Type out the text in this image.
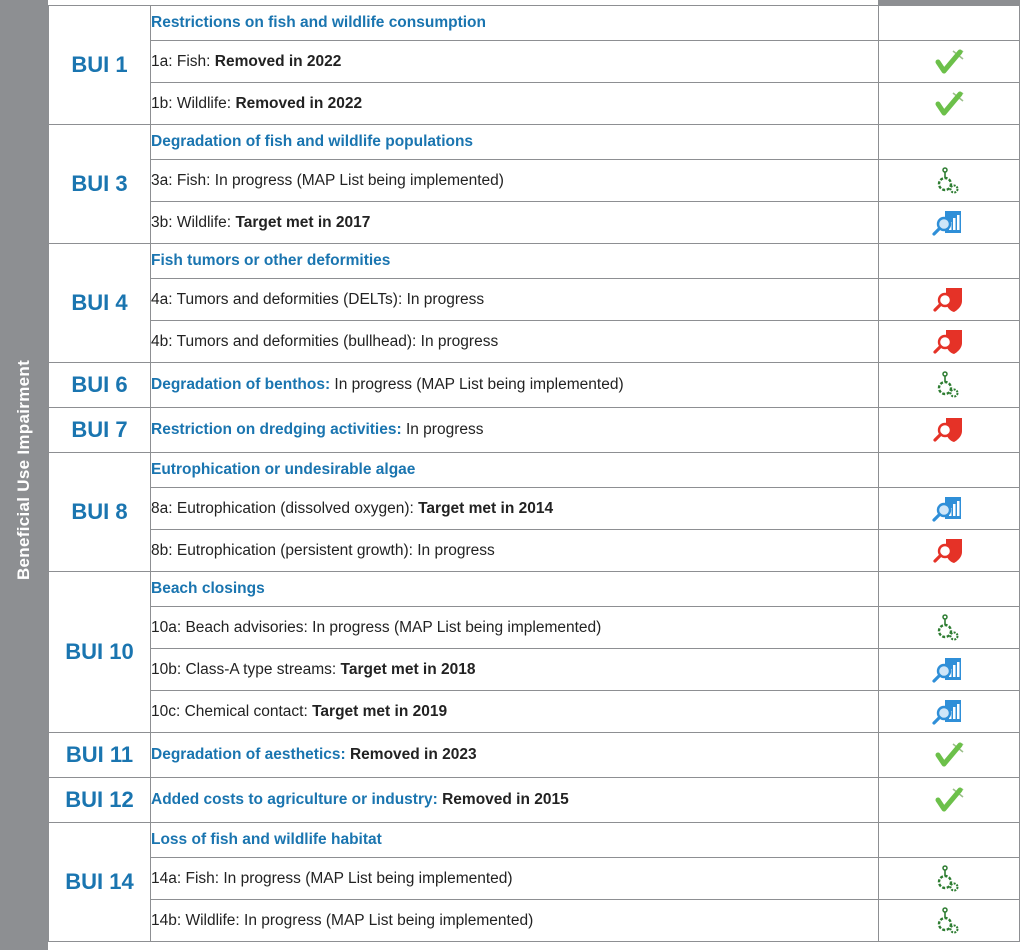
Beneficial Use Impairment
BUI 1	Restrictions on fish and wildlife consumption	
	1a: Fish: Removed in 2022	

	1b: Wildlife: Removed in 2022	

BUI 3	Degradation of fish and wildlife populations	
	3a: Fish: In progress (MAP List being implemented)	

	3b: Wildlife: Target met in 2017	

BUI 4	Fish tumors or other deformities	
	4a: Tumors and deformities (DELTs): In progress	

	4b: Tumors and deformities (bullhead): In progress	

BUI 6	Degradation of benthos: In progress (MAP List being implemented)	

BUI 7	Restriction on dredging activities: In progress	

BUI 8	Eutrophication or undesirable algae	
	8a: Eutrophication (dissolved oxygen): Target met in 2014	

	8b: Eutrophication (persistent growth): In progress	

BUI 10	Beach closings	
	10a: Beach advisories: In progress (MAP List being implemented)	

	10b: Class-A type streams: Target met in 2018	

	10c: Chemical contact: Target met in 2019	

BUI 11	Degradation of aesthetics: Removed in 2023	

BUI 12	Added costs to agriculture or industry: Removed in 2015	

BUI 14	Loss of fish and wildlife habitat	
	14a: Fish: In progress (MAP List being implemented)	

	14b: Wildlife: In progress (MAP List being implemented)	
